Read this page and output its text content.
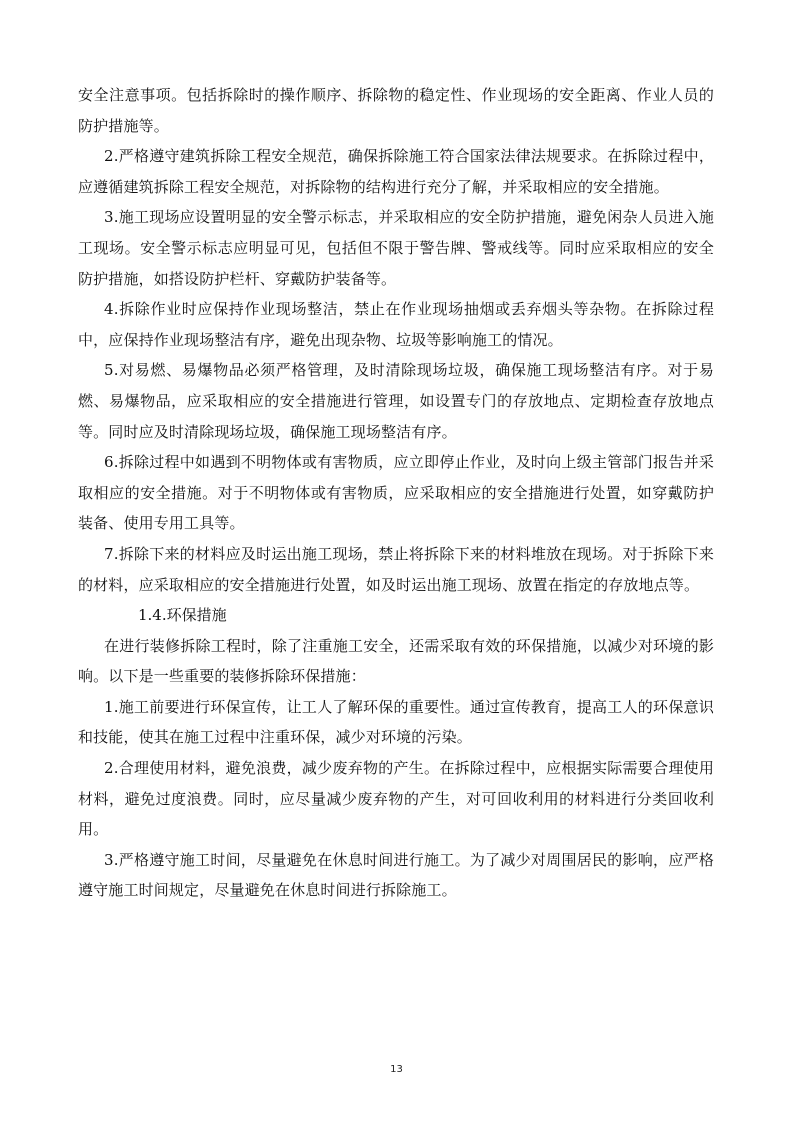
安全注意事项。包括拆除时的操作顺序、拆除物的稳定性、作业现场的安全距离、作业人员的防护措施等。

2.严格遵守建筑拆除工程安全规范，确保拆除施工符合国家法律法规要求。在拆除过程中，应遵循建筑拆除工程安全规范，对拆除物的结构进行充分了解，并采取相应的安全措施。

3.施工现场应设置明显的安全警示标志，并采取相应的安全防护措施，避免闲杂人员进入施工现场。安全警示标志应明显可见，包括但不限于警告牌、警戒线等。同时应采取相应的安全防护措施，如搭设防护栏杆、穿戴防护装备等。

4.拆除作业时应保持作业现场整洁，禁止在作业现场抽烟或丢弃烟头等杂物。在拆除过程中，应保持作业现场整洁有序，避免出现杂物、垃圾等影响施工的情况。

5.对易燃、易爆物品必须严格管理，及时清除现场垃圾，确保施工现场整洁有序。对于易燃、易爆物品，应采取相应的安全措施进行管理，如设置专门的存放地点、定期检查存放地点等。同时应及时清除现场垃圾，确保施工现场整洁有序。

6.拆除过程中如遇到不明物体或有害物质，应立即停止作业，及时向上级主管部门报告并采取相应的安全措施。对于不明物体或有害物质，应采取相应的安全措施进行处置，如穿戴防护装备、使用专用工具等。

7.拆除下来的材料应及时运出施工现场，禁止将拆除下来的材料堆放在现场。对于拆除下来的材料，应采取相应的安全措施进行处置，如及时运出施工现场、放置在指定的存放地点等。

1.4.环保措施

在进行装修拆除工程时，除了注重施工安全，还需采取有效的环保措施，以减少对环境的影响。以下是一些重要的装修拆除环保措施：

1.施工前要进行环保宣传，让工人了解环保的重要性。通过宣传教育，提高工人的环保意识和技能，使其在施工过程中注重环保，减少对环境的污染。

2.合理使用材料，避免浪费，减少废弃物的产生。在拆除过程中，应根据实际需要合理使用材料，避免过度浪费。同时，应尽量减少废弃物的产生，对可回收利用的材料进行分类回收利用。

3.严格遵守施工时间，尽量避免在休息时间进行施工。为了减少对周围居民的影响，应严格遵守施工时间规定，尽量避免在休息时间进行拆除施工。

13
